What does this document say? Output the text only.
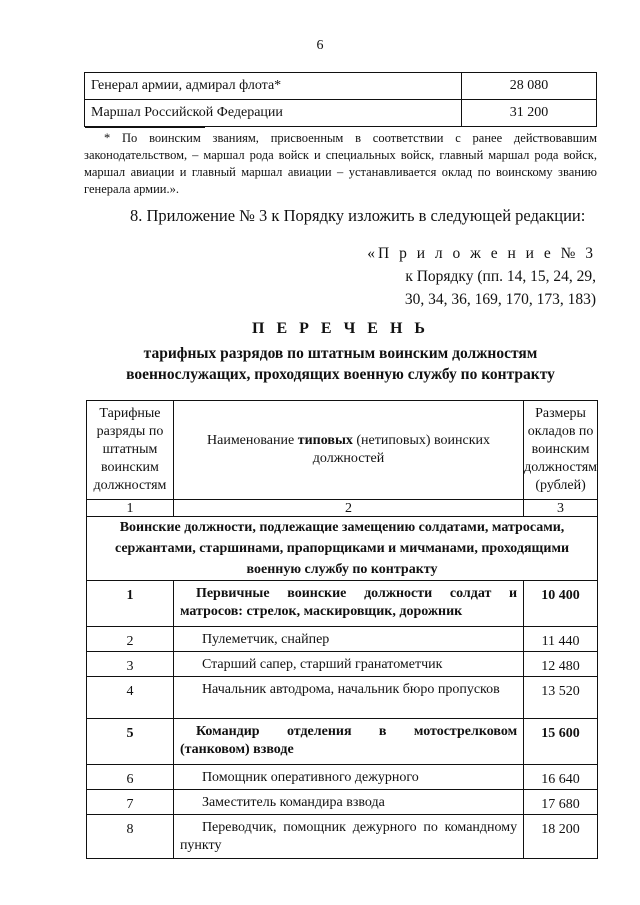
6
Генерал армии, адмирал флота*	28 080
Маршал Российской Федерации	31 200
* По воинским званиям, присвоенным в соответствии с ранее действовавшим законодательством, – маршал рода войск и специальных войск, главный маршал рода войск, маршал авиации и главный маршал авиации – устанавливается оклад по воинскому званию генерала армии.».
8. Приложение № 3 к Порядку изложить в следующей редакции:
«П р и л о ж е н и е № 3
к Порядку (пп. 14, 15, 24, 29,
30, 34, 36, 169, 170, 173, 183)
П Е Р Е Ч Е Н Ь
тарифных разрядов по штатным воинским должностям
военнослужащих, проходящих военную службу по контракту
Тарифные разряды по штатным воинским должностям	Наименование типовых (нетиповых) воинских должностей	Размеры окладов по воинским должностям (рублей)
1	2	3
Воинские должности, подлежащие замещению солдатами, матросами, сержантами, старшинами, прапорщиками и мичманами, проходящими военную службу по контракту		
1	Первичные воинские должности солдат и матросов: стрелок, маскировщик, дорожник	10 400
2	Пулеметчик, снайпер	11 440
3	Старший сапер, старший гранатометчик	12 480
4	Начальник автодрома, начальник бюро пропусков	13 520
5	Командир отделения в мотострелковом (танковом) взводе	15 600
6	Помощник оперативного дежурного	16 640
7	Заместитель командира взвода	17 680
8	Переводчик, помощник дежурного по командному пункту	18 200
